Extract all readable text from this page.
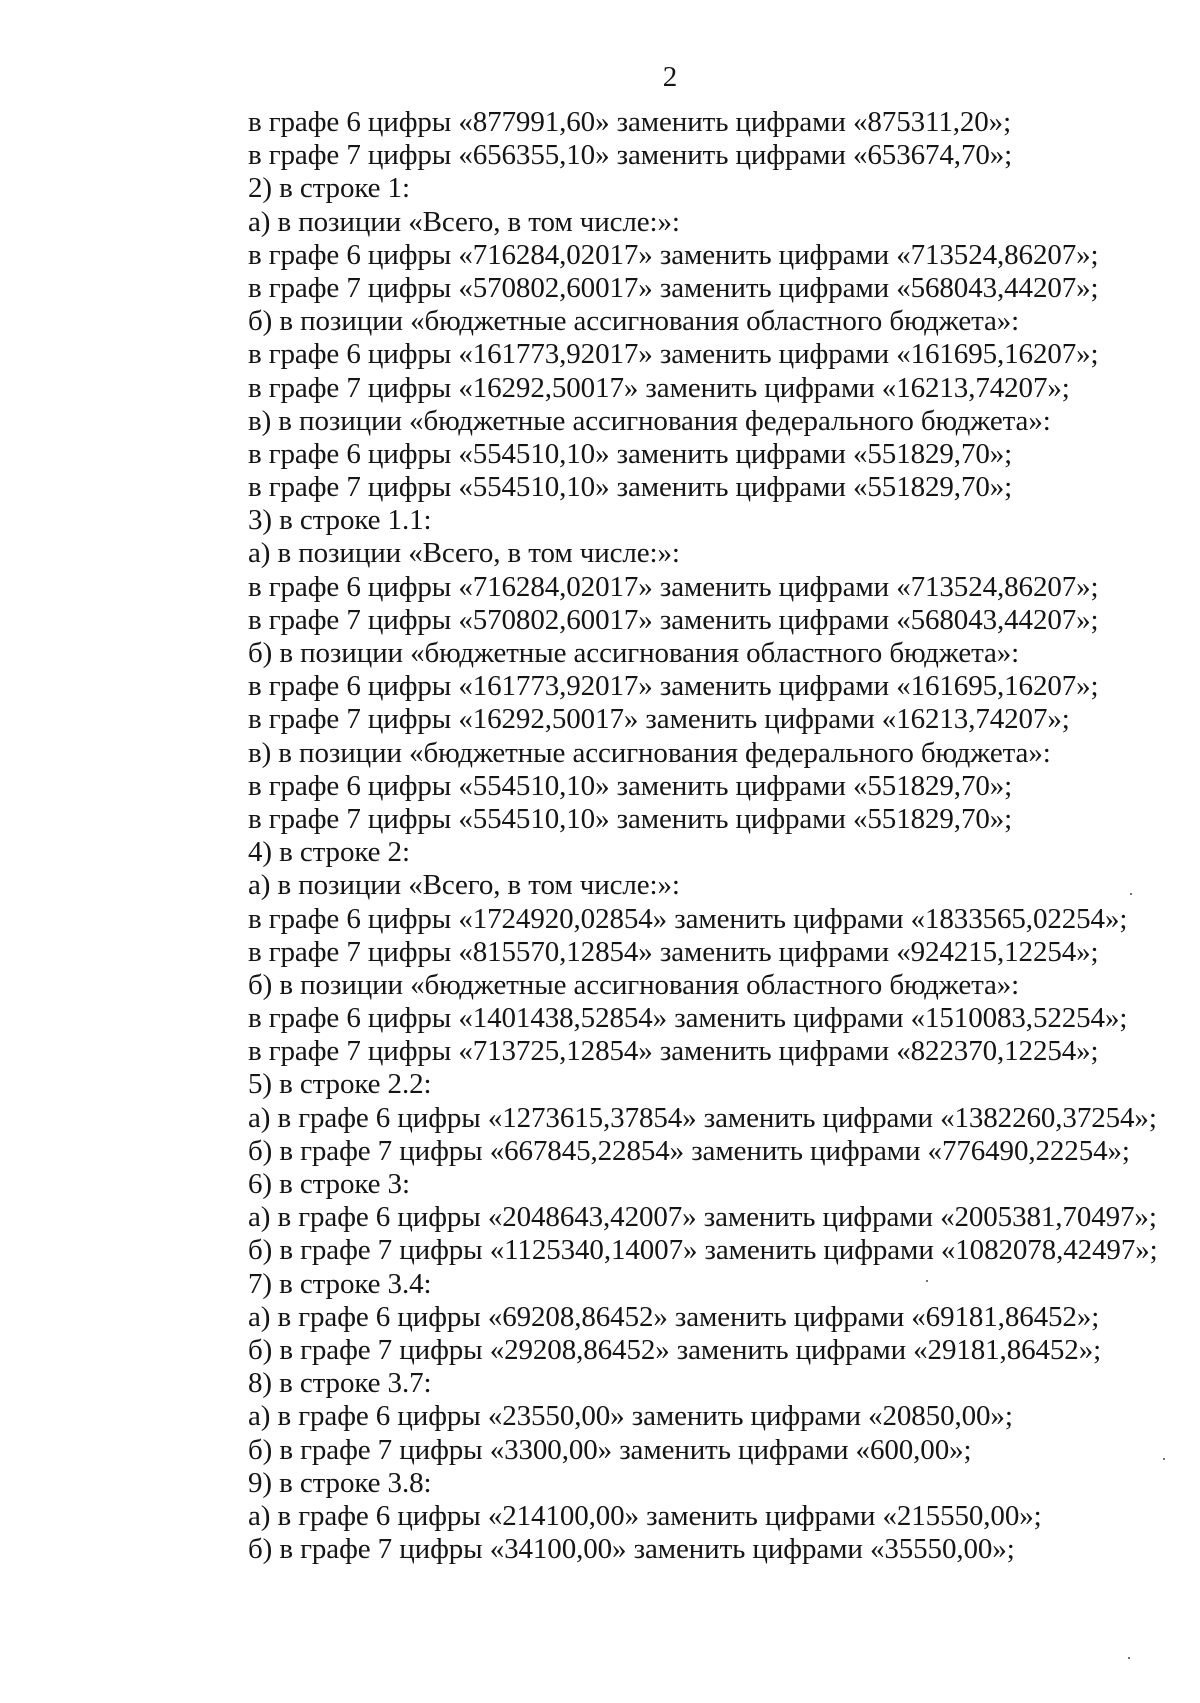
2
в графе 6 цифры «877991,60» заменить цифрами «875311,20»;
в графе 7 цифры «656355,10» заменить цифрами «653674,70»;
2) в строке 1:
а) в позиции «Всего, в том числе:»:
в графе 6 цифры «716284,02017» заменить цифрами «713524,86207»;
в графе 7 цифры «570802,60017» заменить цифрами «568043,44207»;
б) в позиции «бюджетные ассигнования областного бюджета»:
в графе 6 цифры «161773,92017» заменить цифрами «161695,16207»;
в графе 7 цифры «16292,50017» заменить цифрами «16213,74207»;
в) в позиции «бюджетные ассигнования федерального бюджета»:
в графе 6 цифры «554510,10» заменить цифрами «551829,70»;
в графе 7 цифры «554510,10» заменить цифрами «551829,70»;
3) в строке 1.1:
а) в позиции «Всего, в том числе:»:
в графе 6 цифры «716284,02017» заменить цифрами «713524,86207»;
в графе 7 цифры «570802,60017» заменить цифрами «568043,44207»;
б) в позиции «бюджетные ассигнования областного бюджета»:
в графе 6 цифры «161773,92017» заменить цифрами «161695,16207»;
в графе 7 цифры «16292,50017» заменить цифрами «16213,74207»;
в) в позиции «бюджетные ассигнования федерального бюджета»:
в графе 6 цифры «554510,10» заменить цифрами «551829,70»;
в графе 7 цифры «554510,10» заменить цифрами «551829,70»;
4) в строке 2:
а) в позиции «Всего, в том числе:»:
в графе 6 цифры «1724920,02854» заменить цифрами «1833565,02254»;
в графе 7 цифры «815570,12854» заменить цифрами «924215,12254»;
б) в позиции «бюджетные ассигнования областного бюджета»:
в графе 6 цифры «1401438,52854» заменить цифрами «1510083,52254»;
в графе 7 цифры «713725,12854» заменить цифрами «822370,12254»;
5) в строке 2.2:
а) в графе 6 цифры «1273615,37854» заменить цифрами «1382260,37254»;
б) в графе 7 цифры «667845,22854» заменить цифрами «776490,22254»;
6) в строке 3:
а) в графе 6 цифры «2048643,42007» заменить цифрами «2005381,70497»;
б) в графе 7 цифры «1125340,14007» заменить цифрами «1082078,42497»;
7) в строке 3.4:
а) в графе 6 цифры «69208,86452» заменить цифрами «69181,86452»;
б) в графе 7 цифры «29208,86452» заменить цифрами «29181,86452»;
8) в строке 3.7:
а) в графе 6 цифры «23550,00» заменить цифрами «20850,00»;
б) в графе 7 цифры «3300,00» заменить цифрами «600,00»;
9) в строке 3.8:
а) в графе 6 цифры «214100,00» заменить цифрами «215550,00»;
б) в графе 7 цифры «34100,00» заменить цифрами «35550,00»;
